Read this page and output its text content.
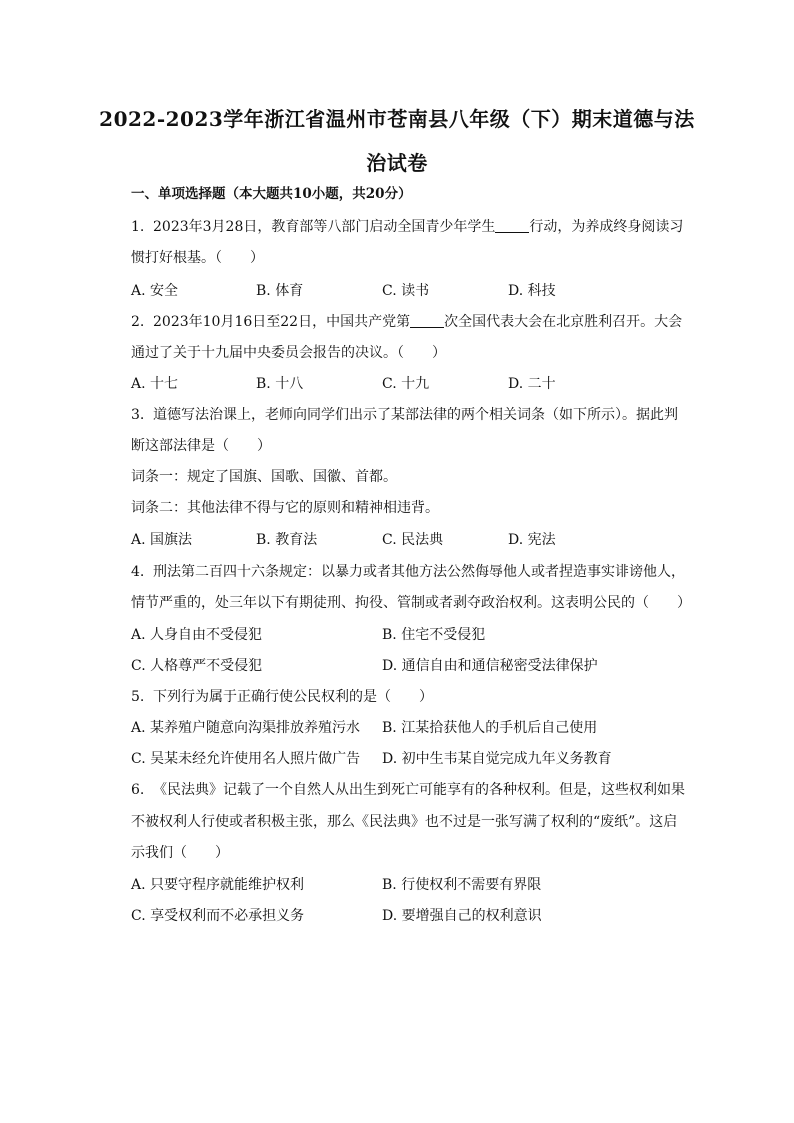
2022-2023学年浙江省温州市苍南县八年级（下）期末道德与法
治试卷
一、单项选择题（本大题共10小题，共20分）
1. 2023年3月28日，教育部等八部门启动全国青少年学生 行动，为养成终身阅读习
惯打好根基。（　　）
A. 安全	B. 体育	C. 读书	D. 科技
2. 2023年10月16日至22日，中国共产党第 次全国代表大会在北京胜利召开。大会
通过了关于十九届中央委员会报告的决议。（　　）
A. 十七	B. 十八	C. 十九	D. 二十
3. 道德写法治课上，老师向同学们出示了某部法律的两个相关词条（如下所示）。据此判
断这部法律是（　　）
词条一：规定了国旗、国歌、国徽、首都。
词条二：其他法律不得与它的原则和精神相违背。
A. 国旗法	B. 教育法	C. 民法典	D. 宪法
4. 刑法第二百四十六条规定：以暴力或者其他方法公然侮辱他人或者捏造事实诽谤他人，
情节严重的，处三年以下有期徒刑、拘役、管制或者剥夺政治权利。这表明公民的（　　）
A. 人身自由不受侵犯	B. 住宅不受侵犯
C. 人格尊严不受侵犯	D. 通信自由和通信秘密受法律保护
5. 下列行为属于正确行使公民权利的是（　　）
A. 某养殖户随意向沟渠排放养殖污水 B. 江某拾获他人的手机后自己使用
C. 吴某未经允许使用名人照片做广告 D. 初中生韦某自觉完成九年义务教育
6. 《民法典》记载了一个自然人从出生到死亡可能享有的各种权利。但是，这些权利如果
不被权利人行使或者积极主张，那么《民法典》也不过是一张写满了权利的“废纸”。这启
示我们（　　）
A. 只要守程序就能维护权利	B. 行使权利不需要有界限
C. 享受权利而不必承担义务	D. 要增强自己的权利意识
